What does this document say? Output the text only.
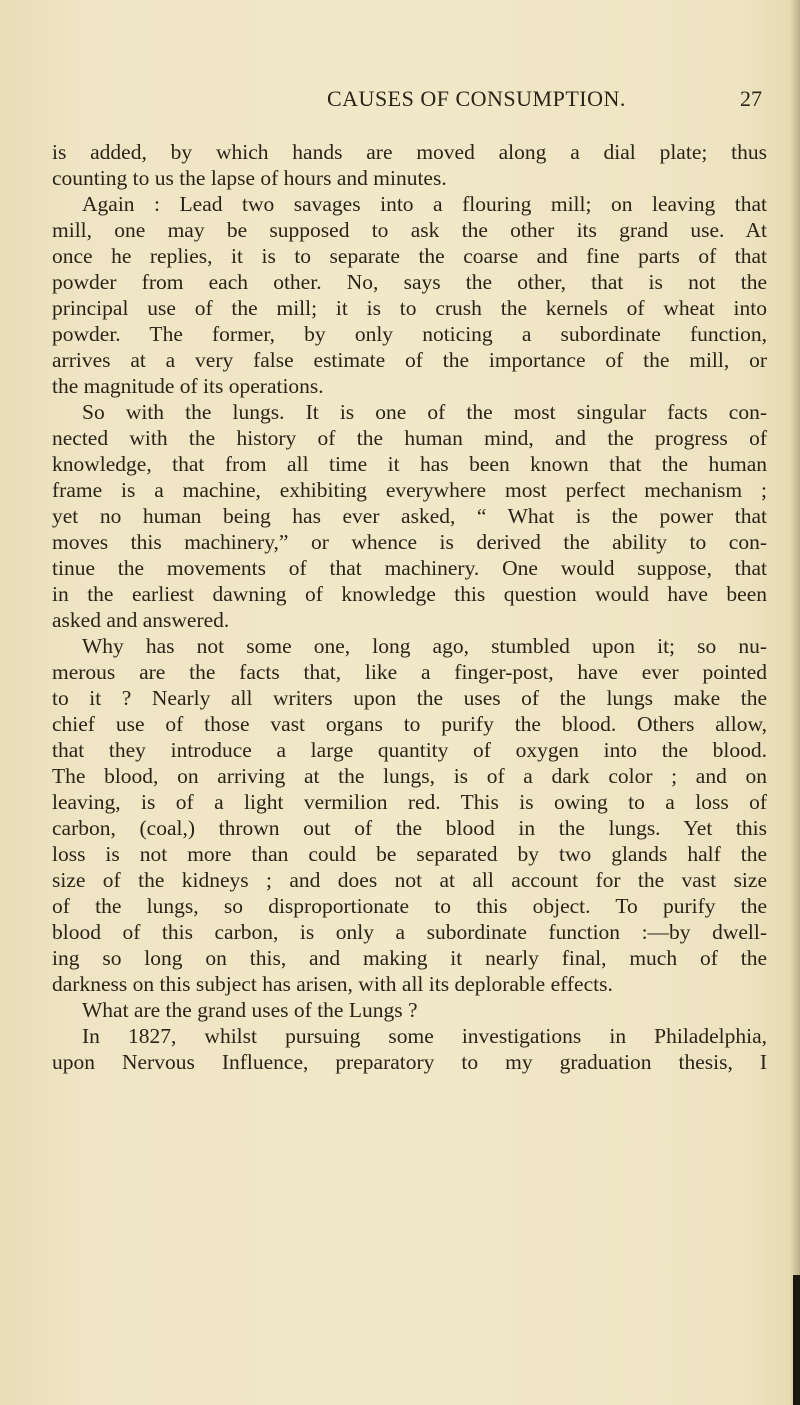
CAUSES OF CONSUMPTION.	27
is added, by which hands are moved along a dial plate; thus
counting to us the lapse of hours and minutes.
Again : Lead two savages into a flouring mill; on leaving that
mill, one may be supposed to ask the other its grand use. At
once he replies, it is to separate the coarse and fine parts of that
powder from each other. No, says the other, that is not the
principal use of the mill; it is to crush the kernels of wheat into
powder. The former, by only noticing a subordinate function,
arrives at a very false estimate of the importance of the mill, or
the magnitude of its operations.
So with the lungs. It is one of the most singular facts con-
nected with the history of the human mind, and the progress of
knowledge, that from all time it has been known that the human
frame is a machine, exhibiting everywhere most perfect mechanism ;
yet no human being has ever asked, “ What is the power that
moves this machinery,” or whence is derived the ability to con-
tinue the movements of that machinery. One would suppose, that
in the earliest dawning of knowledge this question would have been
asked and answered.
Why has not some one, long ago, stumbled upon it; so nu-
merous are the facts that, like a finger-post, have ever pointed
to it ? Nearly all writers upon the uses of the lungs make the
chief use of those vast organs to purify the blood. Others allow,
that they introduce a large quantity of oxygen into the blood.
The blood, on arriving at the lungs, is of a dark color ; and on
leaving, is of a light vermilion red. This is owing to a loss of
carbon, (coal,) thrown out of the blood in the lungs. Yet this
loss is not more than could be separated by two glands half the
size of the kidneys ; and does not at all account for the vast size
of the lungs, so disproportionate to this object. To purify the
blood of this carbon, is only a subordinate function :—by dwell-
ing so long on this, and making it nearly final, much of the
darkness on this subject has arisen, with all its deplorable effects.
What are the grand uses of the Lungs ?
In 1827, whilst pursuing some investigations in Philadelphia,
upon Nervous Influence, preparatory to my graduation thesis, I
